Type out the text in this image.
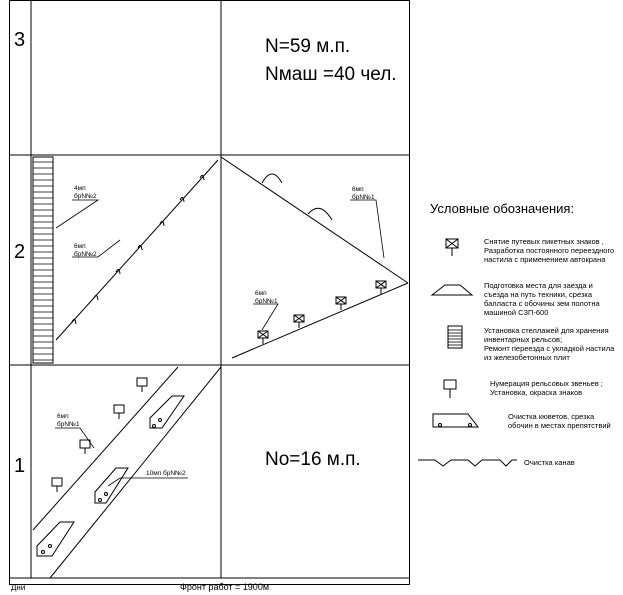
3
2
1
N=59 м.п.
Nмаш =40 чел.
Nо=16 м.п.
Дни	Фронт работ = 1900м
4мп
брN№2
6мп
брN№2
6мп
брN№1
6мп
брN№1
6мп
брN№1
10мп брN№2
Условные обозначения:
Снятие путевых пикетных знаков ,
Разработка постоянного переездного
настила с применением автокрана
Подготовка места для заезда и
съезда на путь техники, срезка
балласта с обочины зем полотна
машиной СЗП-600
Установка стеллажей для хранения
инвентарных рельсов;
Ремонт переезда с укладкой настила
из железобетонных плит
Нумерация рельсовых звеньев ;
Установка, окраска знаков
Очистка кюветов, срезка
обочин в местах препятствий
Очистка канав
